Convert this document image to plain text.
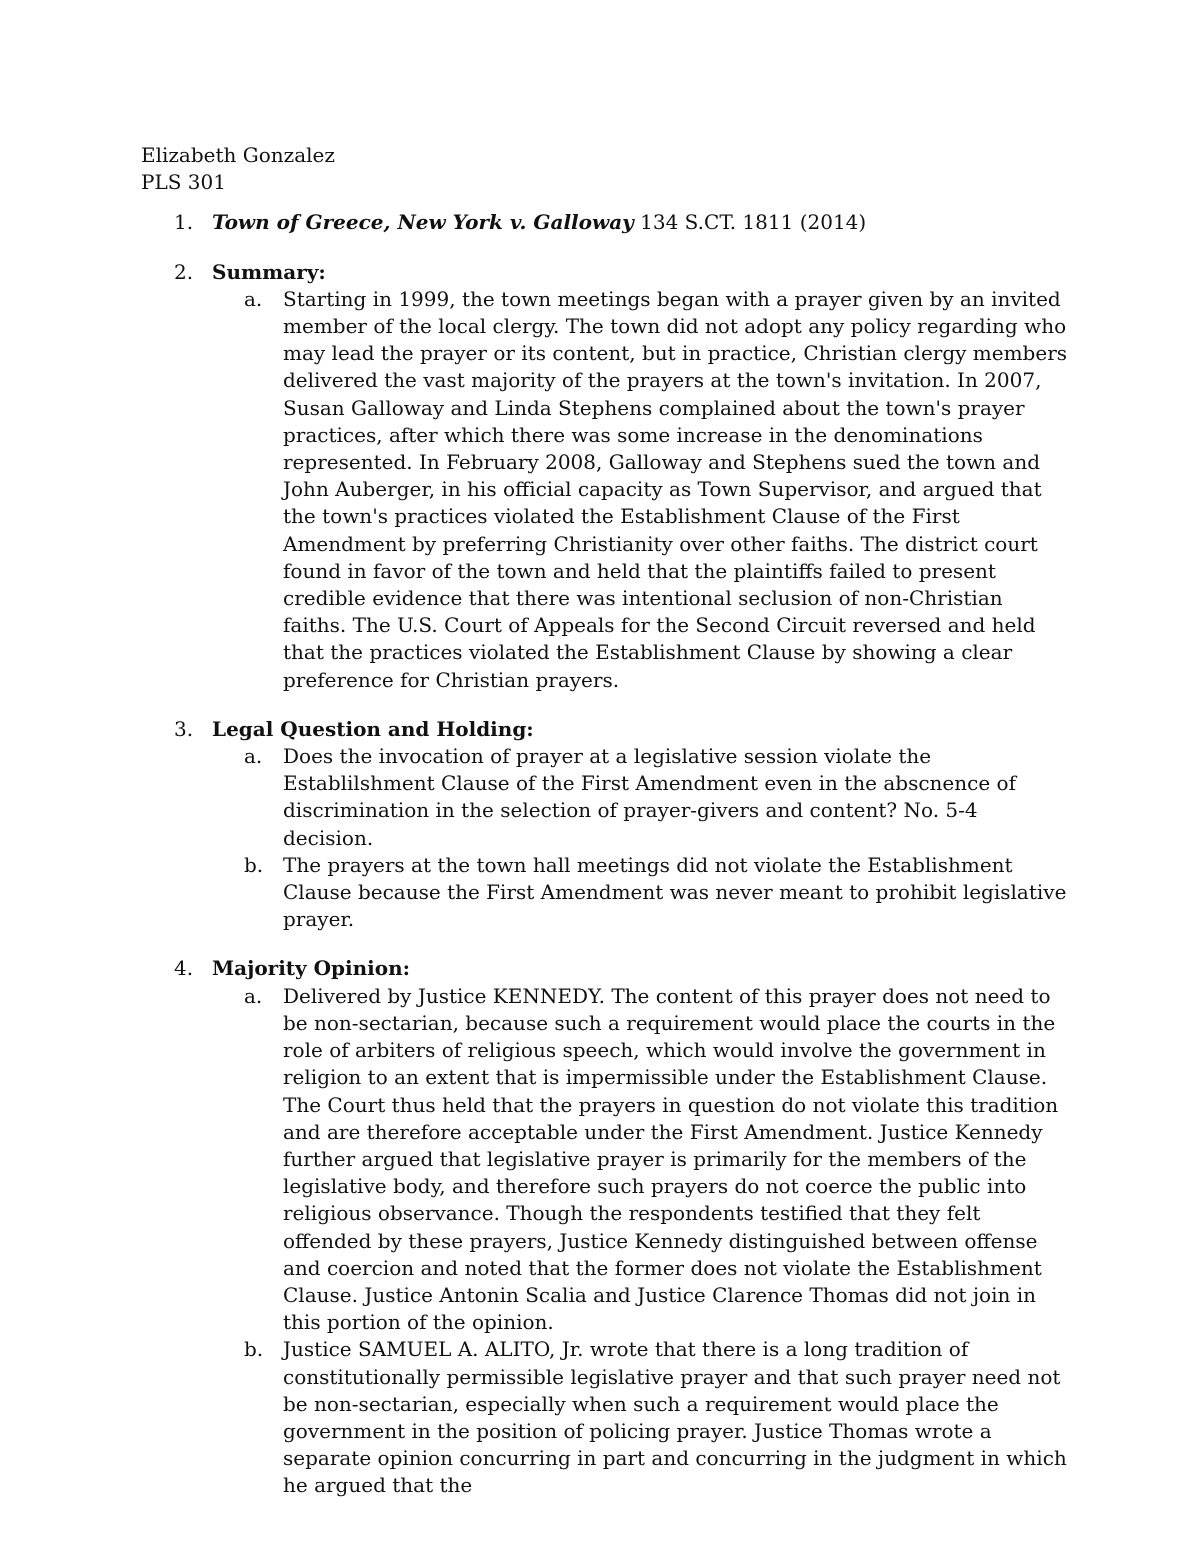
Elizabeth Gonzalez

PLS 301

1. Town of Greece, New York v. Galloway 134 S.CT. 1811 (2014)

2. Summary:

a. Starting in 1999, the town meetings began with a prayer given by an invited member of the local clergy. The town did not adopt any policy regarding who may lead the prayer or its content, but in practice, Christian clergy members delivered the vast majority of the prayers at the town's invitation. In 2007, Susan Galloway and Linda Stephens complained about the town's prayer practices, after which there was some increase in the denominations represented. In February 2008, Galloway and Stephens sued the town and John Auberger, in his official capacity as Town Supervisor, and argued that the town's practices violated the Establishment Clause of the First Amendment by preferring Christianity over other faiths. The district court found in favor of the town and held that the plaintiffs failed to present credible evidence that there was intentional seclusion of non-Christian faiths. The U.S. Court of Appeals for the Second Circuit reversed and held that the practices violated the Establishment Clause by showing a clear preference for Christian prayers.

3. Legal Question and Holding:

a. Does the invocation of prayer at a legislative session violate the Establilshment Clause of the First Amendment even in the abscnence of discrimination in the selection of prayer-givers and content? No. 5-4 decision.
b. The prayers at the town hall meetings did not violate the Establishment Clause because the First Amendment was never meant to prohibit legislative prayer.

4. Majority Opinion:

a. Delivered by Justice KENNEDY. The content of this prayer does not need to be non-sectarian, because such a requirement would place the courts in the role of arbiters of religious speech, which would involve the government in religion to an extent that is impermissible under the Establishment Clause. The Court thus held that the prayers in question do not violate this tradition and are therefore acceptable under the First Amendment. Justice Kennedy further argued that legislative prayer is primarily for the members of the legislative body, and therefore such prayers do not coerce the public into religious observance. Though the respondents testified that they felt offended by these prayers, Justice Kennedy distinguished between offense and coercion and noted that the former does not violate the Establishment Clause. Justice Antonin Scalia and Justice Clarence Thomas did not join in this portion of the opinion.
b. Justice SAMUEL A. ALITO, Jr. wrote that there is a long tradition of constitutionally permissible legislative prayer and that such prayer need not be non-sectarian, especially when such a requirement would place the government in the position of policing prayer. Justice Thomas wrote a separate opinion concurring in part and concurring in the judgment in which he argued that the
